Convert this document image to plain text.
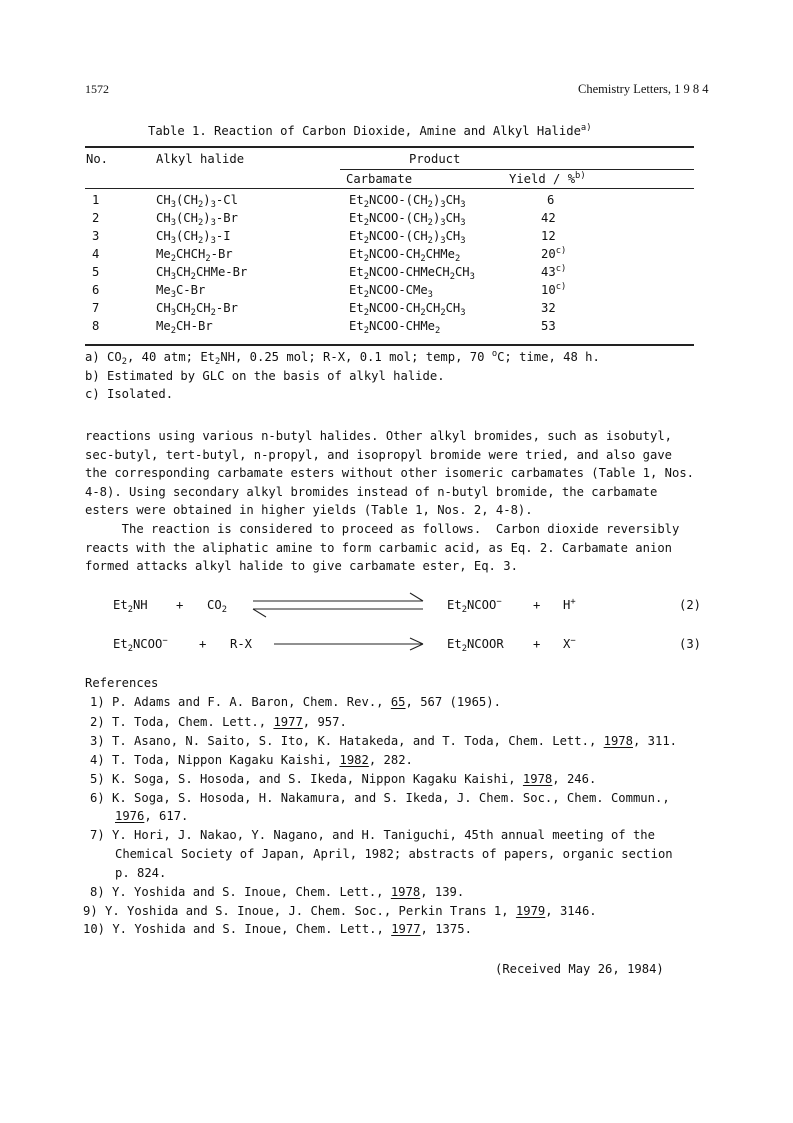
1572	Chemistry Letters, 1 9 8 4
Table 1. Reaction of Carbon Dioxide, Amine and Alkyl Halide$^{a)}$
No.	Alkyl halide	Product
Carbamate	Yield / %$^{b)}$
1	$CH_3(CH_2)_3-Cl$	$Et_2NCOO-(CH_2)_3CH_3$	6
2	$CH_3(CH_2)_3-Br$	$Et_2NCOO-(CH_2)_3CH_3$	42
3	$CH_3(CH_2)_3-I$	$Et_2NCOO-(CH_2)_3CH_3$	12
4	$Me_2CHCH_2-Br$	$Et_2NCOO-CH_2CHMe_2$	20$^{c)}$
5	$CH_3CH_2CHMe-Br$	$Et_2NCOO-CHMeCH_2CH_3$	43$^{c)}$
6	$Me_3C-Br$	$Et_2NCOO-CMe_3$	10$^{c)}$
7	$CH_3CH_2CH_2-Br$	$Et_2NCOO-CH_2CH_2CH_3$	32
8	$Me_2CH-Br$	$Et_2NCOO-CHMe_2$	53
a) $CO_2$, 40 atm; $Et_2NH$, 0.25 mol; R-X, 0.1 mol; temp, 70 $^o$C; time, 48 h.
b) Estimated by GLC on the basis of alkyl halide.
c) Isolated.
reactions using various n-butyl halides. Other alkyl bromides, such as isobutyl,
sec-butyl, tert-butyl, n-propyl, and isopropyl bromide were tried, and also gave
the corresponding carbamate esters without other isomeric carbamates (Table 1, Nos.
4-8). Using secondary alkyl bromides instead of n-butyl bromide, the carbamate
esters were obtained in higher yields (Table 1, Nos. 2, 4-8).
The reaction is considered to proceed as follows.  Carbon dioxide reversibly
reacts with the aliphatic amine to form carbamic acid, as Eq. 2. Carbamate anion
formed attacks alkyl halide to give carbamate ester, Eq. 3.
$Et_2NH + CO_2$	$Et_2NCOO^-$	+ H+	(2)
$Et_2NCOO^-$	+ R-X	$Et_2NCOOR + X^-$	(3)
References
1) P. Adams and F. A. Baron, Chem. Rev., 65, 567 (1965).
2) T. Toda, Chem. Lett., 1977, 957.
3) T. Asano, N. Saito, S. Ito, K. Hatakeda, and T. Toda, Chem. Lett., 1978, 311.
4) T. Toda, Nippon Kagaku Kaishi, 1982, 282.
5) K. Soga, S. Hosoda, and S. Ikeda, Nippon Kagaku Kaishi, 1978, 246.
6) K. Soga, S. Hosoda, H. Nakamura, and S. Ikeda, J. Chem. Soc., Chem. Commun.,
1976, 617.
7) Y. Hori, J. Nakao, Y. Nagano, and H. Taniguchi, 45th annual meeting of the
Chemical Society of Japan, April, 1982; abstracts of papers, organic section
p. 824.
8) Y. Yoshida and S. Inoue, Chem. Lett., 1978, 139.
9) Y. Yoshida and S. Inoue, J. Chem. Soc., Perkin Trans 1, 1979, 3146.
10) Y. Yoshida and S. Inoue, Chem. Lett., 1977, 1375.
(Received May 26, 1984)
